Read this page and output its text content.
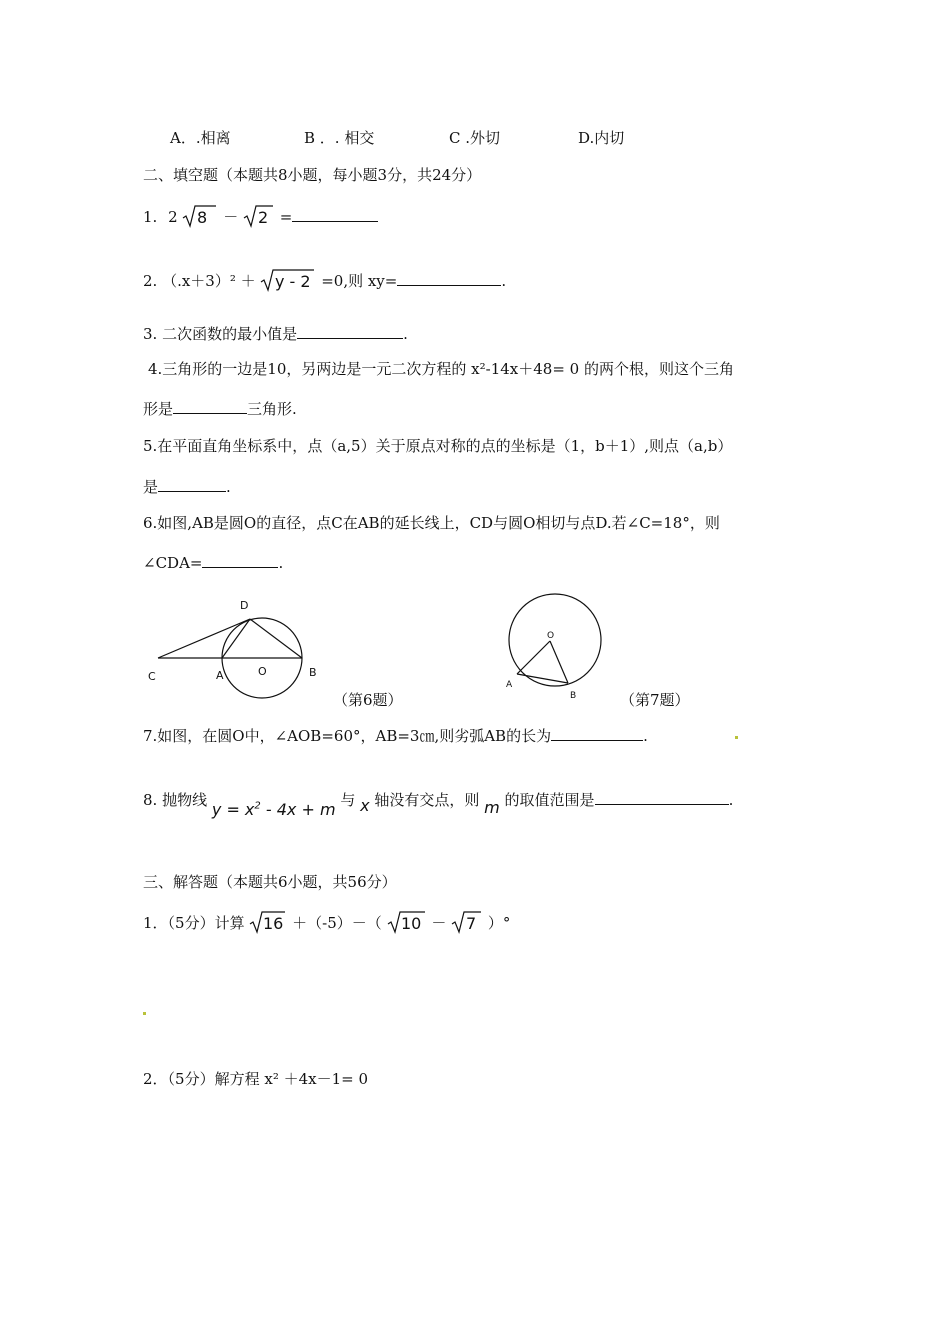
A．.相离	B ．. 相交	C .外切	D.内切
二、填空题（本题共8小题，每小题3分，共24分）
1. 2 8 － 2 =
2. （.x＋3）² ＋ y - 2 =0,则 xy=	.
3. 二次函数的最小值是	.
4.三角形的一边是10，另两边是一元二次方程的 x²-14x＋48= 0 的两个根，则这个三角
形是	三角形.
5.在平面直角坐标系中，点（a,5）关于原点对称的点的坐标是（1，b＋1）,则点（a,b）
是	.
6.如图,AB是圆O的直径，点C在AB的延长线上，CD与圆O相切与点D.若∠C=18°，则
∠CDA=	.
C	A	O	B
D
（第6题）
O
A
B	（第7题）
7.如图，在圆O中，∠AOB=60°，AB=3㎝,则劣弧AB的长为	.
8. 抛物线 $y = x^2 - 4x + m$ 与 x 轴没有交点，则 m 的取值范围是	.
三、解答题（本题共6小题，共56分）
1．（5分）计算 16 ＋（-5）－（ 10 － 7 ）°
2．（5分）解方程 x² ＋4x－1= 0
